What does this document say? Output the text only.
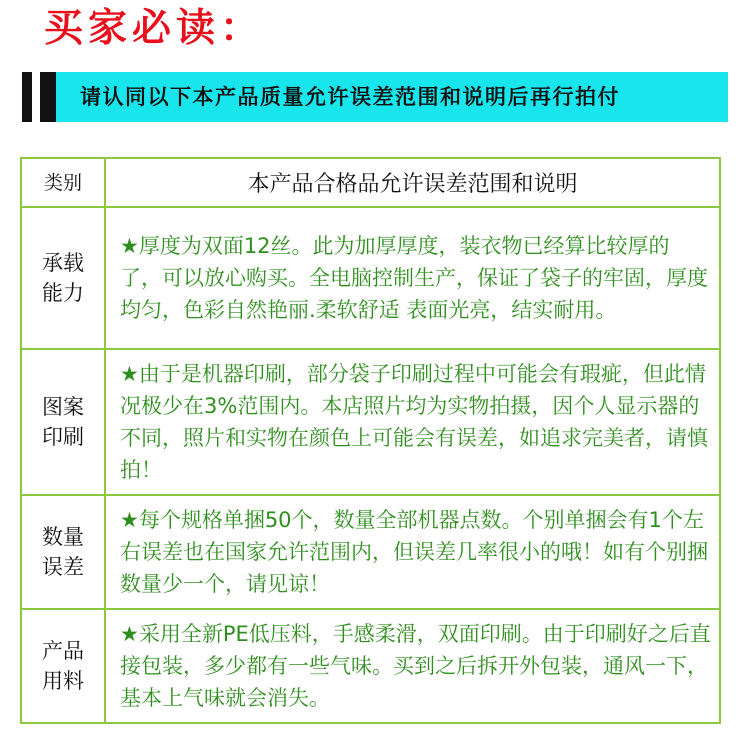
买家必读：
请认同以下本产品质量允许误差范围和说明后再行拍付
类别	本产品合格品允许误差范围和说明

承载
能力	★厚度为双面12丝。此为加厚厚度，装衣物已经算比较厚的了，可以放心购买。全电脑控制生产，保证了袋子的牢固，厚度均匀，色彩自然艳丽.柔软舒适 表面光亮，结实耐用。

图案
印刷	★由于是机器印刷，部分袋子印刷过程中可能会有瑕疵，但此情况极少在3%范围内。本店照片均为实物拍摄，因个人显示器的不同，照片和实物在颜色上可能会有误差，如追求完美者，请慎拍！

数量
误差	★每个规格单捆50个，数量全部机器点数。个别单捆会有1个左右误差也在国家允许范围内，但误差几率很小的哦！如有个别捆数量少一个，请见谅！

产品
用料	★采用全新PE低压料，手感柔滑，双面印刷。由于印刷好之后直接包装，多少都有一些气味。买到之后拆开外包装，通风一下，基本上气味就会消失。
